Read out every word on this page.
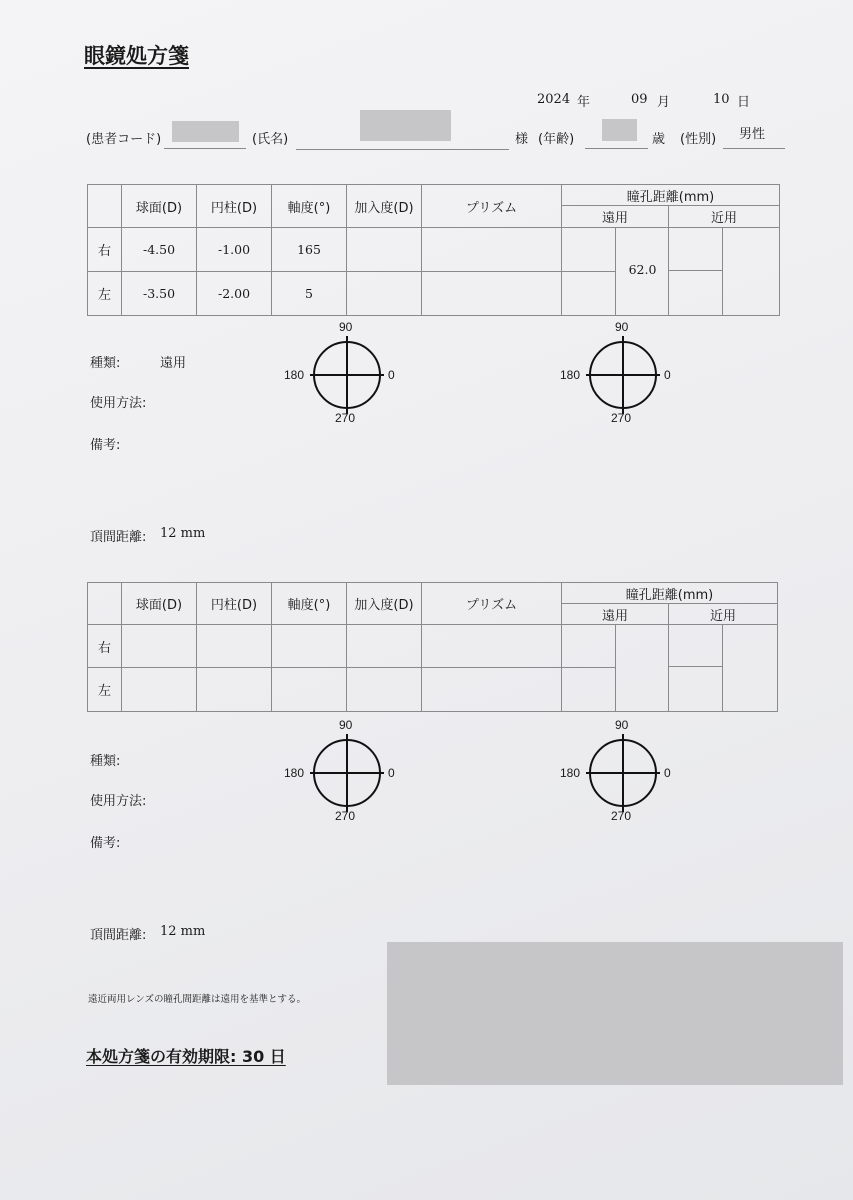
眼鏡処方箋
2024 年	09 月	10 日
(患者コード)	(氏名)	様 (年齢)	歳 (性別) 男性
	球面(D)	円柱(D)	軸度(°)	加入度(D)	プリズム	瞳孔距離(mm)	
						遠用	近用
右	-4.50	-1.00	165			62.0	

左	-3.50	-2.00	5				
種類:	遠用
使用方法:
備考:
頂間距離: 12 mm
90
180	0
270
90
180	0
270
	球面(D)	円柱(D)	軸度(°)	加入度(D)	プリズム	瞳孔距離(mm)	
						遠用	近用
右						

左							
種類:
使用方法:
備考:
頂間距離: 12 mm
90
180	0
270
90
180	0
270
遠近両用レンズの瞳孔間距離は遠用を基準とする。
本処方箋の有効期限: 30 日
